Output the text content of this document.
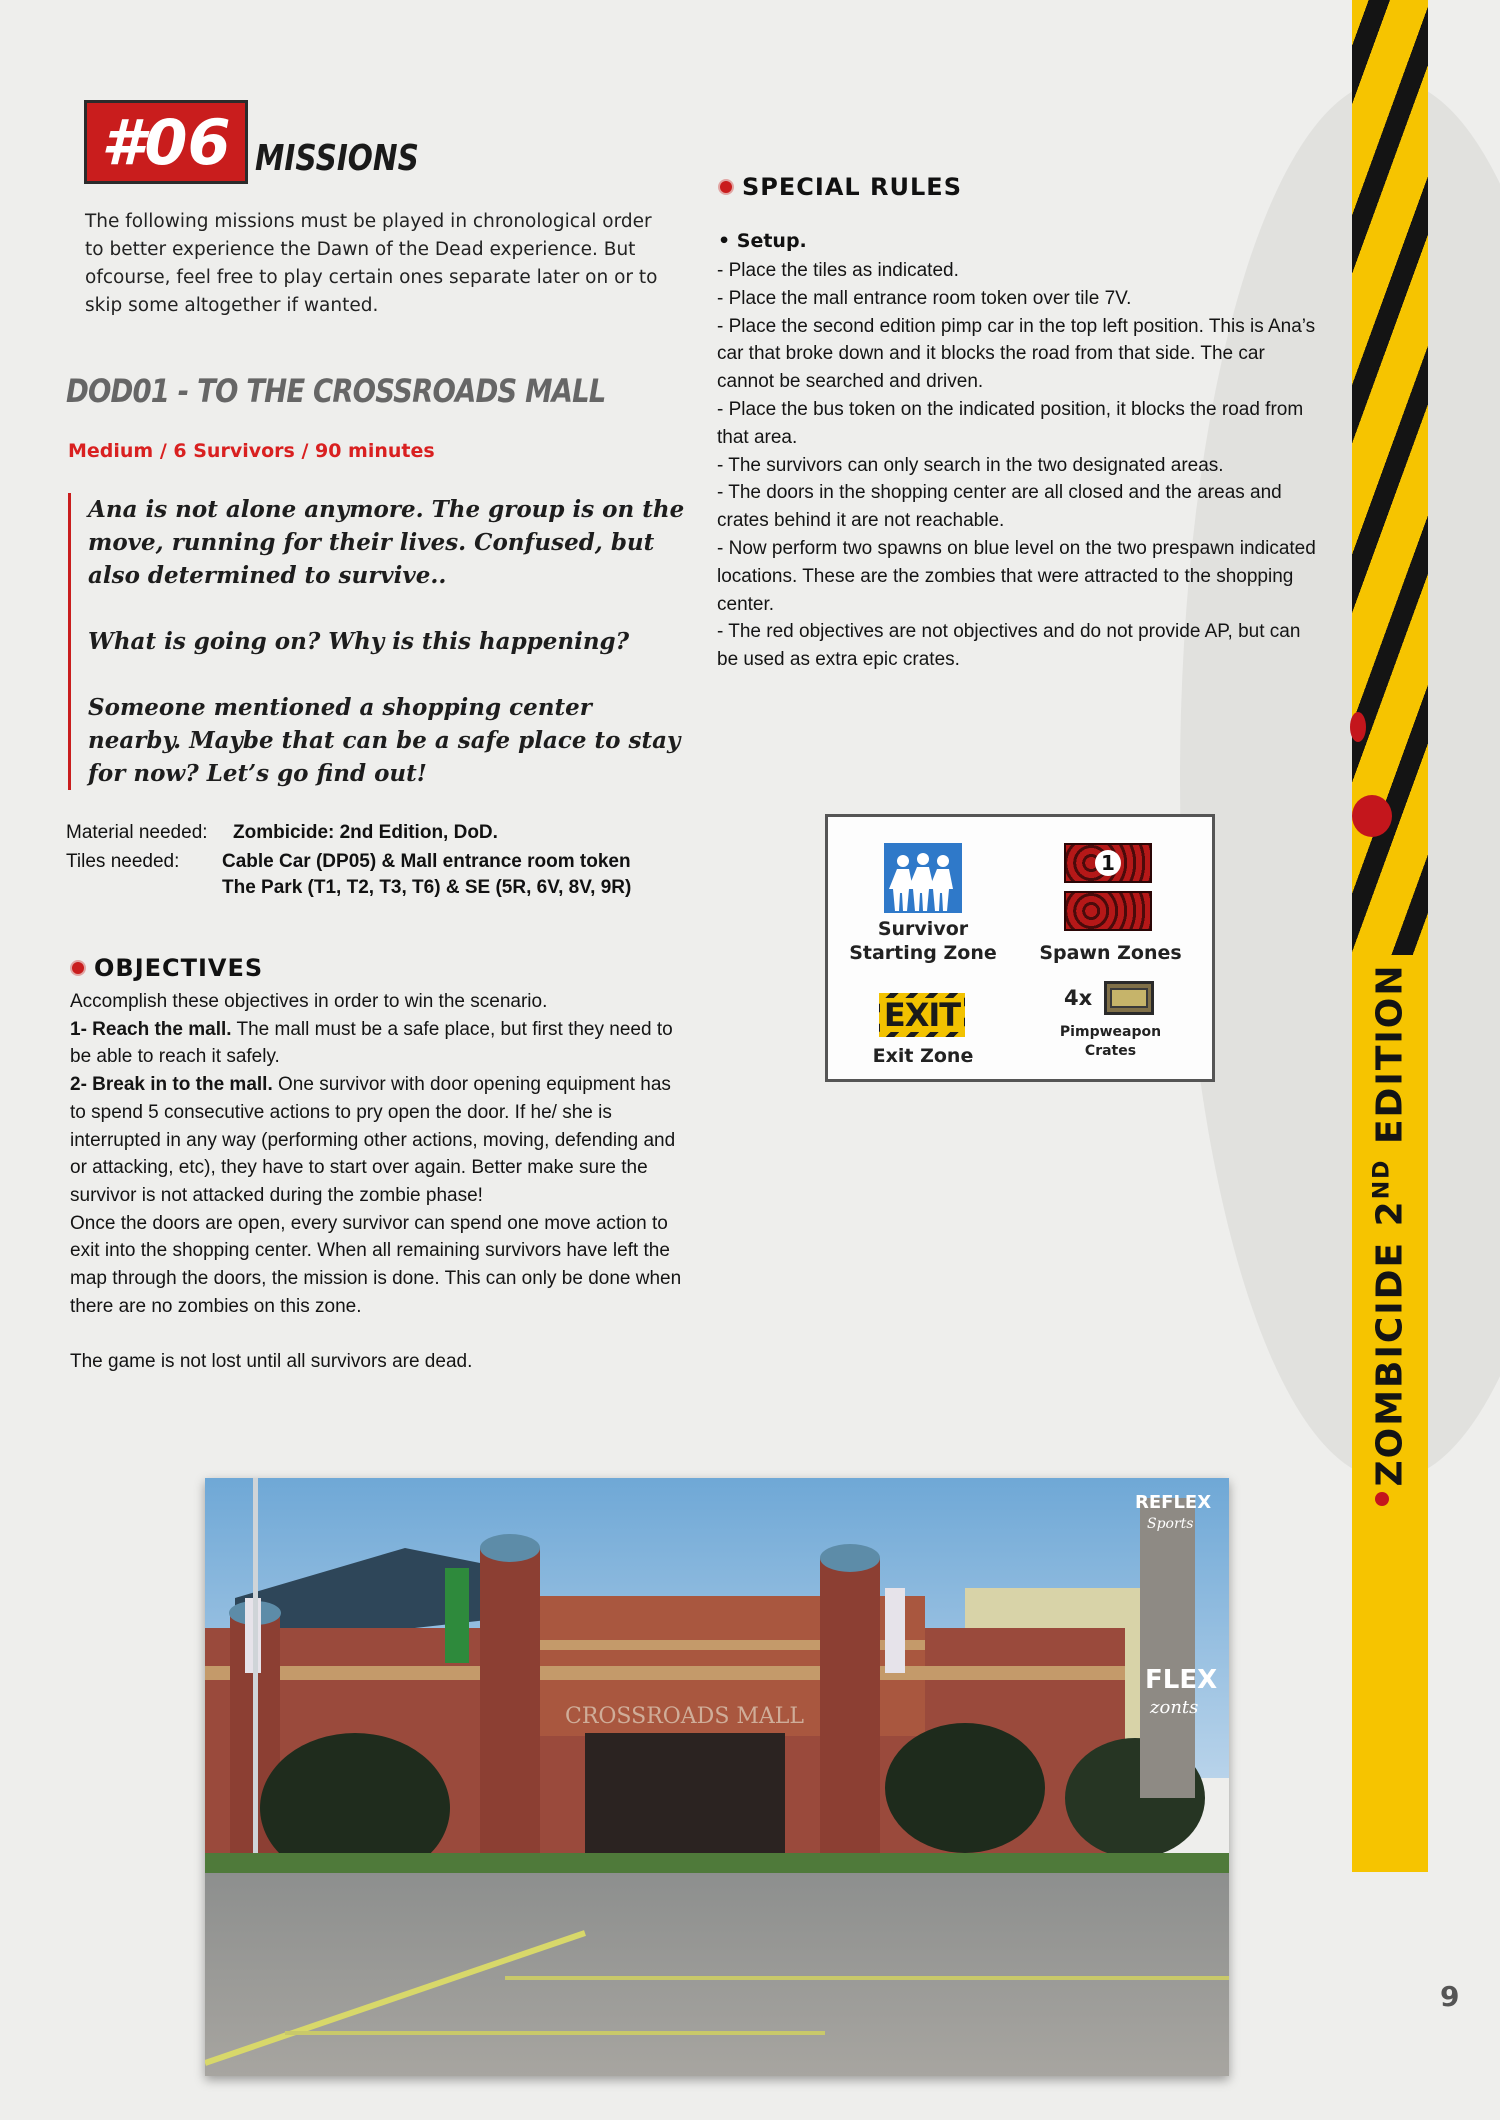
#06 MISSIONS
The following missions must be played in chronological order to better experience the Dawn of the Dead experience. But ofcourse, feel free to play certain ones separate later on or to skip some altogether if wanted.
DOD01 - TO THE CROSSROADS MALL
Medium / 6 Survivors / 90 minutes

Ana is not alone anymore. The group is on the move, running for their lives. Confused, but also determined to survive..

What is going on? Why is this happening?

Someone mentioned a shopping center nearby. Maybe that can be a safe place to stay for now? Let’s go find out!

Material needed: Zombicide: 2nd Edition, DoD.
Tiles needed: Cable Car (DP05) & Mall entrance room token
The Park (T1, T2, T3, T6) & SE (5R, 6V, 8V, 9R)
OBJECTIVES

Accomplish these objectives in order to win the scenario.

1- Reach the mall. The mall must be a safe place, but first they need to be able to reach it safely.

2- Break in to the mall. One survivor with door opening equipment has to spend 5 consecutive actions to pry open the door. If he/ she is interrupted in any way (performing other actions, moving, defending and or attacking, etc), they have to start over again. Better make sure the survivor is not attacked during the zombie phase!

Once the doors are open, every survivor can spend one move action to exit into the shopping center. When all remaining survivors have left the map through the doors, the mission is done. This can only be done when there are no zombies on this zone.

The game is not lost until all survivors are dead.

SPECIAL RULES
• Setup.

- Place the tiles as indicated.

- Place the mall entrance room token over tile 7V.

- Place the second edition pimp car in the top left position. This is Ana’s car that broke down and it blocks the road from that side. The car cannot be searched and driven.

- Place the bus token on the indicated position, it blocks the road from that area.

- The survivors can only search in the two designated areas.

- The doors in the shopping center are all closed and the areas and crates behind it are not reachable.

- Now perform two spawns on blue level on the two prespawn indicated locations. These are the zombies that were attracted to the shopping center.

- The red objectives are not objectives and do not provide AP, but can be used as extra epic crates.

Survivor
Starting Zone
1
Spawn Zones
EXIT
Exit Zone
4x
Pimpweapon
Crates
ZOMBICIDE 2ND EDITION
CROSSROADS MALL
REFLEX
Sports
FLEX
zonts
9
